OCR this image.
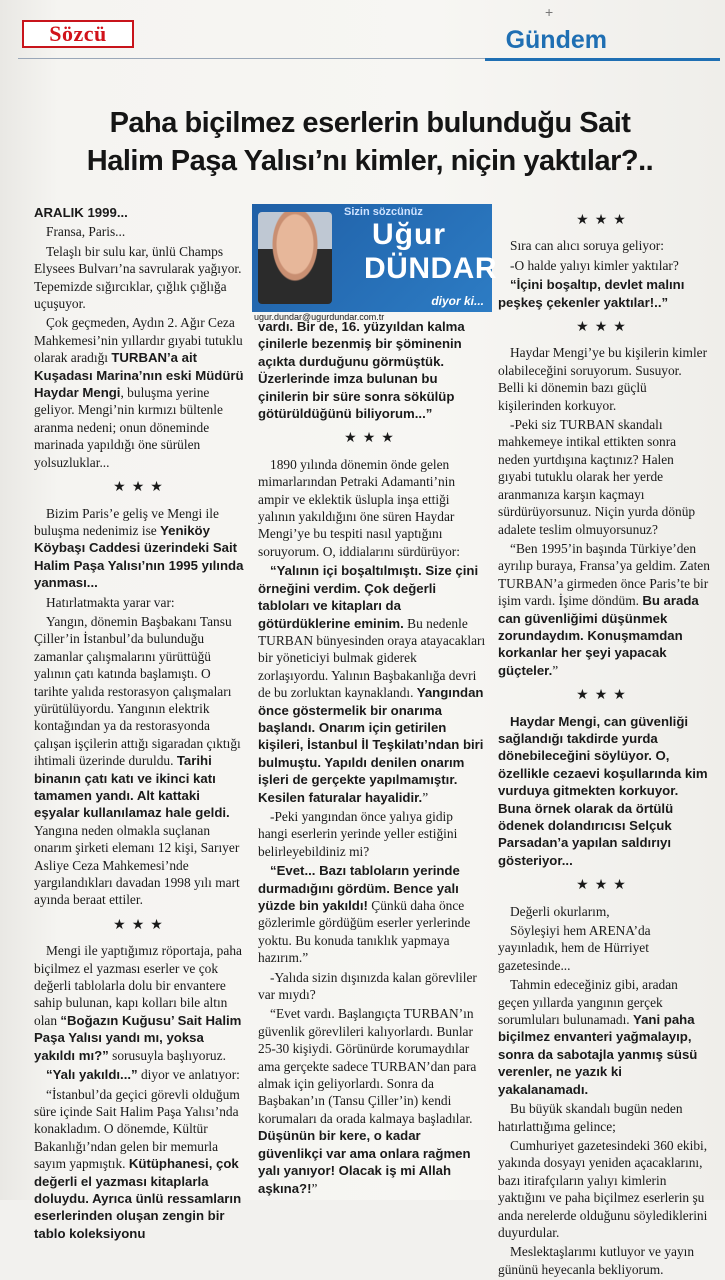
+
Sözcü	Gündem
Paha biçilmez eserlerin bulunduğu Sait
Halim Paşa Yalısı’nı kimler, niçin yaktılar?..
Sizin sözcünüz
Uğur
DÜNDAR
diyor ki...
ugur.dundar@ugurdundar.com.tr

ARALIK 1999...

Fransa, Paris...

Telaşlı bir sulu kar, ünlü Champs Elysees Bulvarı’na savrularak yağıyor. Tepemizde sığırcıklar, çığlık çığlığa uçuşuyor.

Çok geçmeden, Aydın 2. Ağır Ceza Mahkemesi’nin yıllardır gıyabi tutuklu olarak aradığı TURBAN’a ait Kuşadası Marina’nın eski Müdürü Haydar Mengi, buluşma yerine geliyor. Mengi’nin kırmızı bültenle aranma nedeni; onun döneminde marinada yapıldığı öne sürülen yolsuzluklar...

★★★

Bizim Paris’e geliş ve Mengi ile buluşma nedenimiz ise Yeniköy Köybaşı Caddesi üzerindeki Sait Halim Paşa Yalısı’nın 1995 yılında yanması...

Hatırlatmakta yarar var:

Yangın, dönemin Başbakanı Tansu Çiller’in İstanbul’da bulunduğu zamanlar çalışmalarını yürüttüğü yalının çatı katında başlamıştı. O tarihte yalıda restorasyon çalışmaları yürütülüyordu. Yangının elektrik kontağından ya da restorasyonda çalışan işçilerin attığı sigaradan çıktığı ihtimali üzerinde duruldu. Tarihi binanın çatı katı ve ikinci katı tamamen yandı. Alt kattaki eşyalar kullanılamaz hale geldi. Yangına neden olmakla suçlanan onarım şirketi elemanı 12 kişi, Sarıyer Asliye Ceza Mahkemesi’nde yargılandıkları davadan 1998 yılı mart ayında beraat ettiler.

★★★

Mengi ile yaptığımız röportaja, paha biçilmez el yazması eserler ve çok değerli tablolarla dolu bir envantere sahip bulunan, kapı kolları bile altın olan “Boğazın Kuğusu’ Sait Halim Paşa Yalısı yandı mı, yoksa yakıldı mı?” sorusuyla başlıyoruz.

“Yalı yakıldı...” diyor ve anlatıyor:

“İstanbul’da geçici görevli olduğum süre içinde Sait Halim Paşa Yalısı’nda konakladım. O dönemde, Kültür Bakanlığı’ndan gelen bir memurla sayım yapmıştık. Kütüphanesi, çok değerli el yazması kitaplarla doluydu. Ayrıca ünlü ressamların eserlerinden oluşan zengin bir tablo koleksiyonu

vardı. Bir de, 16. yüzyıldan kalma çinilerle bezenmiş bir şöminenin açıkta durduğunu görmüştük. Üzerlerinde imza bulunan bu çinilerin bir süre sonra sökülüp götürüldüğünü biliyorum...”

★★★

1890 yılında dönemin önde gelen mimarlarından Petraki Adamanti’nin ampir ve eklektik üslupla inşa ettiği yalının yakıldığını öne süren Haydar Mengi’ye bu tespiti nasıl yaptığını soruyorum. O, iddialarını sürdürüyor:

“Yalının içi boşaltılmıştı. Size çini örneğini verdim. Çok değerli tabloları ve kitapları da götürdüklerine eminim. Bu nedenle TURBAN bünyesinden oraya atayacakları bir yöneticiyi bulmak giderek zorlaşıyordu. Yalının Başbakanlığa devri de bu zorluktan kaynaklandı. Yangından önce göstermelik bir onarıma başlandı. Onarım için getirilen kişileri, İstanbul İl Teşkilatı’ndan biri bulmuştu. Yapıldı denilen onarım işleri de gerçekte yapılmamıştır. Kesilen faturalar hayalidir.”

-Peki yangından önce yalıya gidip hangi eserlerin yerinde yeller estiğini belirleyebildiniz mi?

“Evet... Bazı tabloların yerinde durmadığını gördüm. Bence yalı yüzde bin yakıldı! Çünkü daha önce gözlerimle gördüğüm eserler yerlerinde yoktu. Bu konuda tanıklık yapmaya hazırım.”

-Yalıda sizin dışınızda kalan görevliler var mıydı?

“Evet vardı. Başlangıçta TURBAN’ın güvenlik görevlileri kalıyorlardı. Bunlar 25-30 kişiydi. Görünürde korumaydılar ama gerçekte sadece TURBAN’dan para almak için geliyorlardı. Sonra da Başbakan’ın (Tansu Çiller’in) kendi korumaları da orada kalmaya başladılar. Düşünün bir kere, o kadar güvenlikçi var ama onlara rağmen yalı yanıyor! Olacak iş mi Allah aşkına?!”

★★★

Sıra can alıcı soruya geliyor:

-O halde yalıyı kimler yaktılar?

“İçini boşaltıp, devlet malını peşkeş çekenler yaktılar!..”

★★★

Haydar Mengi’ye bu kişilerin kimler olabileceğini soruyorum. Susuyor. Belli ki dönemin bazı güçlü kişilerinden korkuyor.

-Peki siz TURBAN skandalı mahkemeye intikal ettikten sonra neden yurtdışına kaçtınız? Halen gıyabi tutuklu olarak her yerde aranmanıza karşın kaçmayı sürdürüyorsunuz. Niçin yurda dönüp adalete teslim olmuyorsunuz?

“Ben 1995’in başında Türkiye’den ayrılıp buraya, Fransa’ya geldim. Zaten TURBAN’a girmeden önce Paris’te bir işim vardı. İşime döndüm. Bu arada can güvenliğimi düşünmek zorundaydım. Konuşmamdan korkanlar her şeyi yapacak güçteler.”

★★★

Haydar Mengi, can güvenliği sağlandığı takdirde yurda dönebileceğini söylüyor. O, özellikle cezaevi koşullarında kim vurduya gitmekten korkuyor. Buna örnek olarak da örtülü ödenek dolandırıcısı Selçuk Parsadan’a yapılan saldırıyı gösteriyor...

★★★

Değerli okurlarım,

Söyleşiyi hem ARENA’da yayınladık, hem de Hürriyet gazetesinde...

Tahmin edeceğiniz gibi, aradan geçen yıllarda yangının gerçek sorumluları bulunamadı. Yani paha biçilmez envanteri yağmalayıp, sonra da sabotajla yanmış süsü verenler, ne yazık ki yakalanamadı.

Bu büyük skandalı bugün neden hatırlattığıma gelince;

Cumhuriyet gazetesindeki 360 ekibi, yakında dosyayı yeniden açacaklarını, bazı itirafçıların yalıyı kimlerin yaktığını ve paha biçilmez eserlerin şu anda nerelerde olduğunu söylediklerini duyurdular.

Meslektaşlarımı kutluyor ve yayın gününü heyecanla bekliyorum.
